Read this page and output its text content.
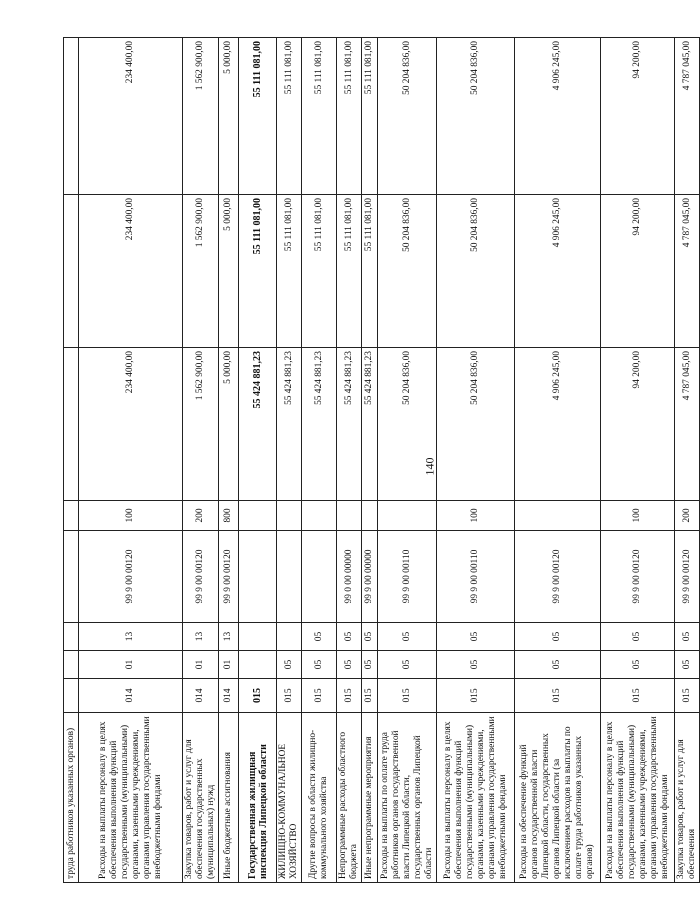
140
труда работников указанных органов)								
Расходы на выплаты персоналу в целях обеспечения выполнения функций государственными (муниципальными) органами, казенными учреждениями, органами управления государственными внебюджетными фондами	014	01	13	99 9 00 00120	100	234 400,00	234 400,00	234 400,00
Закупка товаров, работ и услуг для обеспечения государственных (муниципальных) нужд	014	01	13	99 9 00 00120	200	1 562 900,00	1 562 900,00	1 562 900,00
Иные бюджетные ассигнования	014	01	13	99 9 00 00120	800	5 000,00	5 000,00	5 000,00
Государственная жилищная инспекция Липецкой области	015					55 424 881,23	55 111 081,00	55 111 081,00
ЖИЛИЩНО-КОММУНАЛЬНОЕ ХОЗЯЙСТВО	015	05				55 424 881,23	55 111 081,00	55 111 081,00
Другие вопросы в области жилищно-коммунального хозяйства	015	05	05			55 424 881,23	55 111 081,00	55 111 081,00
Непрограммные расходы областного бюджета	015	05	05	99 0 00 00000		55 424 881,23	55 111 081,00	55 111 081,00
Иные непрограммные мероприятия	015	05	05	99 9 00 00000		55 424 881,23	55 111 081,00	55 111 081,00
Расходы на выплаты по оплате труда работников органов государственной власти Липецкой области, государственных органов Липецкой области	015	05	05	99 9 00 00110		50 204 836,00	50 204 836,00	50 204 836,00
Расходы на выплаты персоналу в целях обеспечения выполнения функций государственными (муниципальными) органами, казенными учреждениями, органами управления государственными внебюджетными фондами	015	05	05	99 9 00 00110	100	50 204 836,00	50 204 836,00	50 204 836,00
Расходы на обеспечение функций органов государственной власти Липецкой области, государственных органов Липецкой области (за исключением расходов на выплаты по оплате труда работников указанных органов)	015	05	05	99 9 00 00120		4 906 245,00	4 906 245,00	4 906 245,00
Расходы на выплаты персоналу в целях обеспечения выполнения функций государственными (муниципальными) органами, казенными учреждениями, органами управления государственными внебюджетными фондами	015	05	05	99 9 00 00120	100	94 200,00	94 200,00	94 200,00
Закупка товаров, работ и услуг для обеспечения	015	05	05	99 9 00 00120	200	4 787 045,00	4 787 045,00	4 787 045,00
